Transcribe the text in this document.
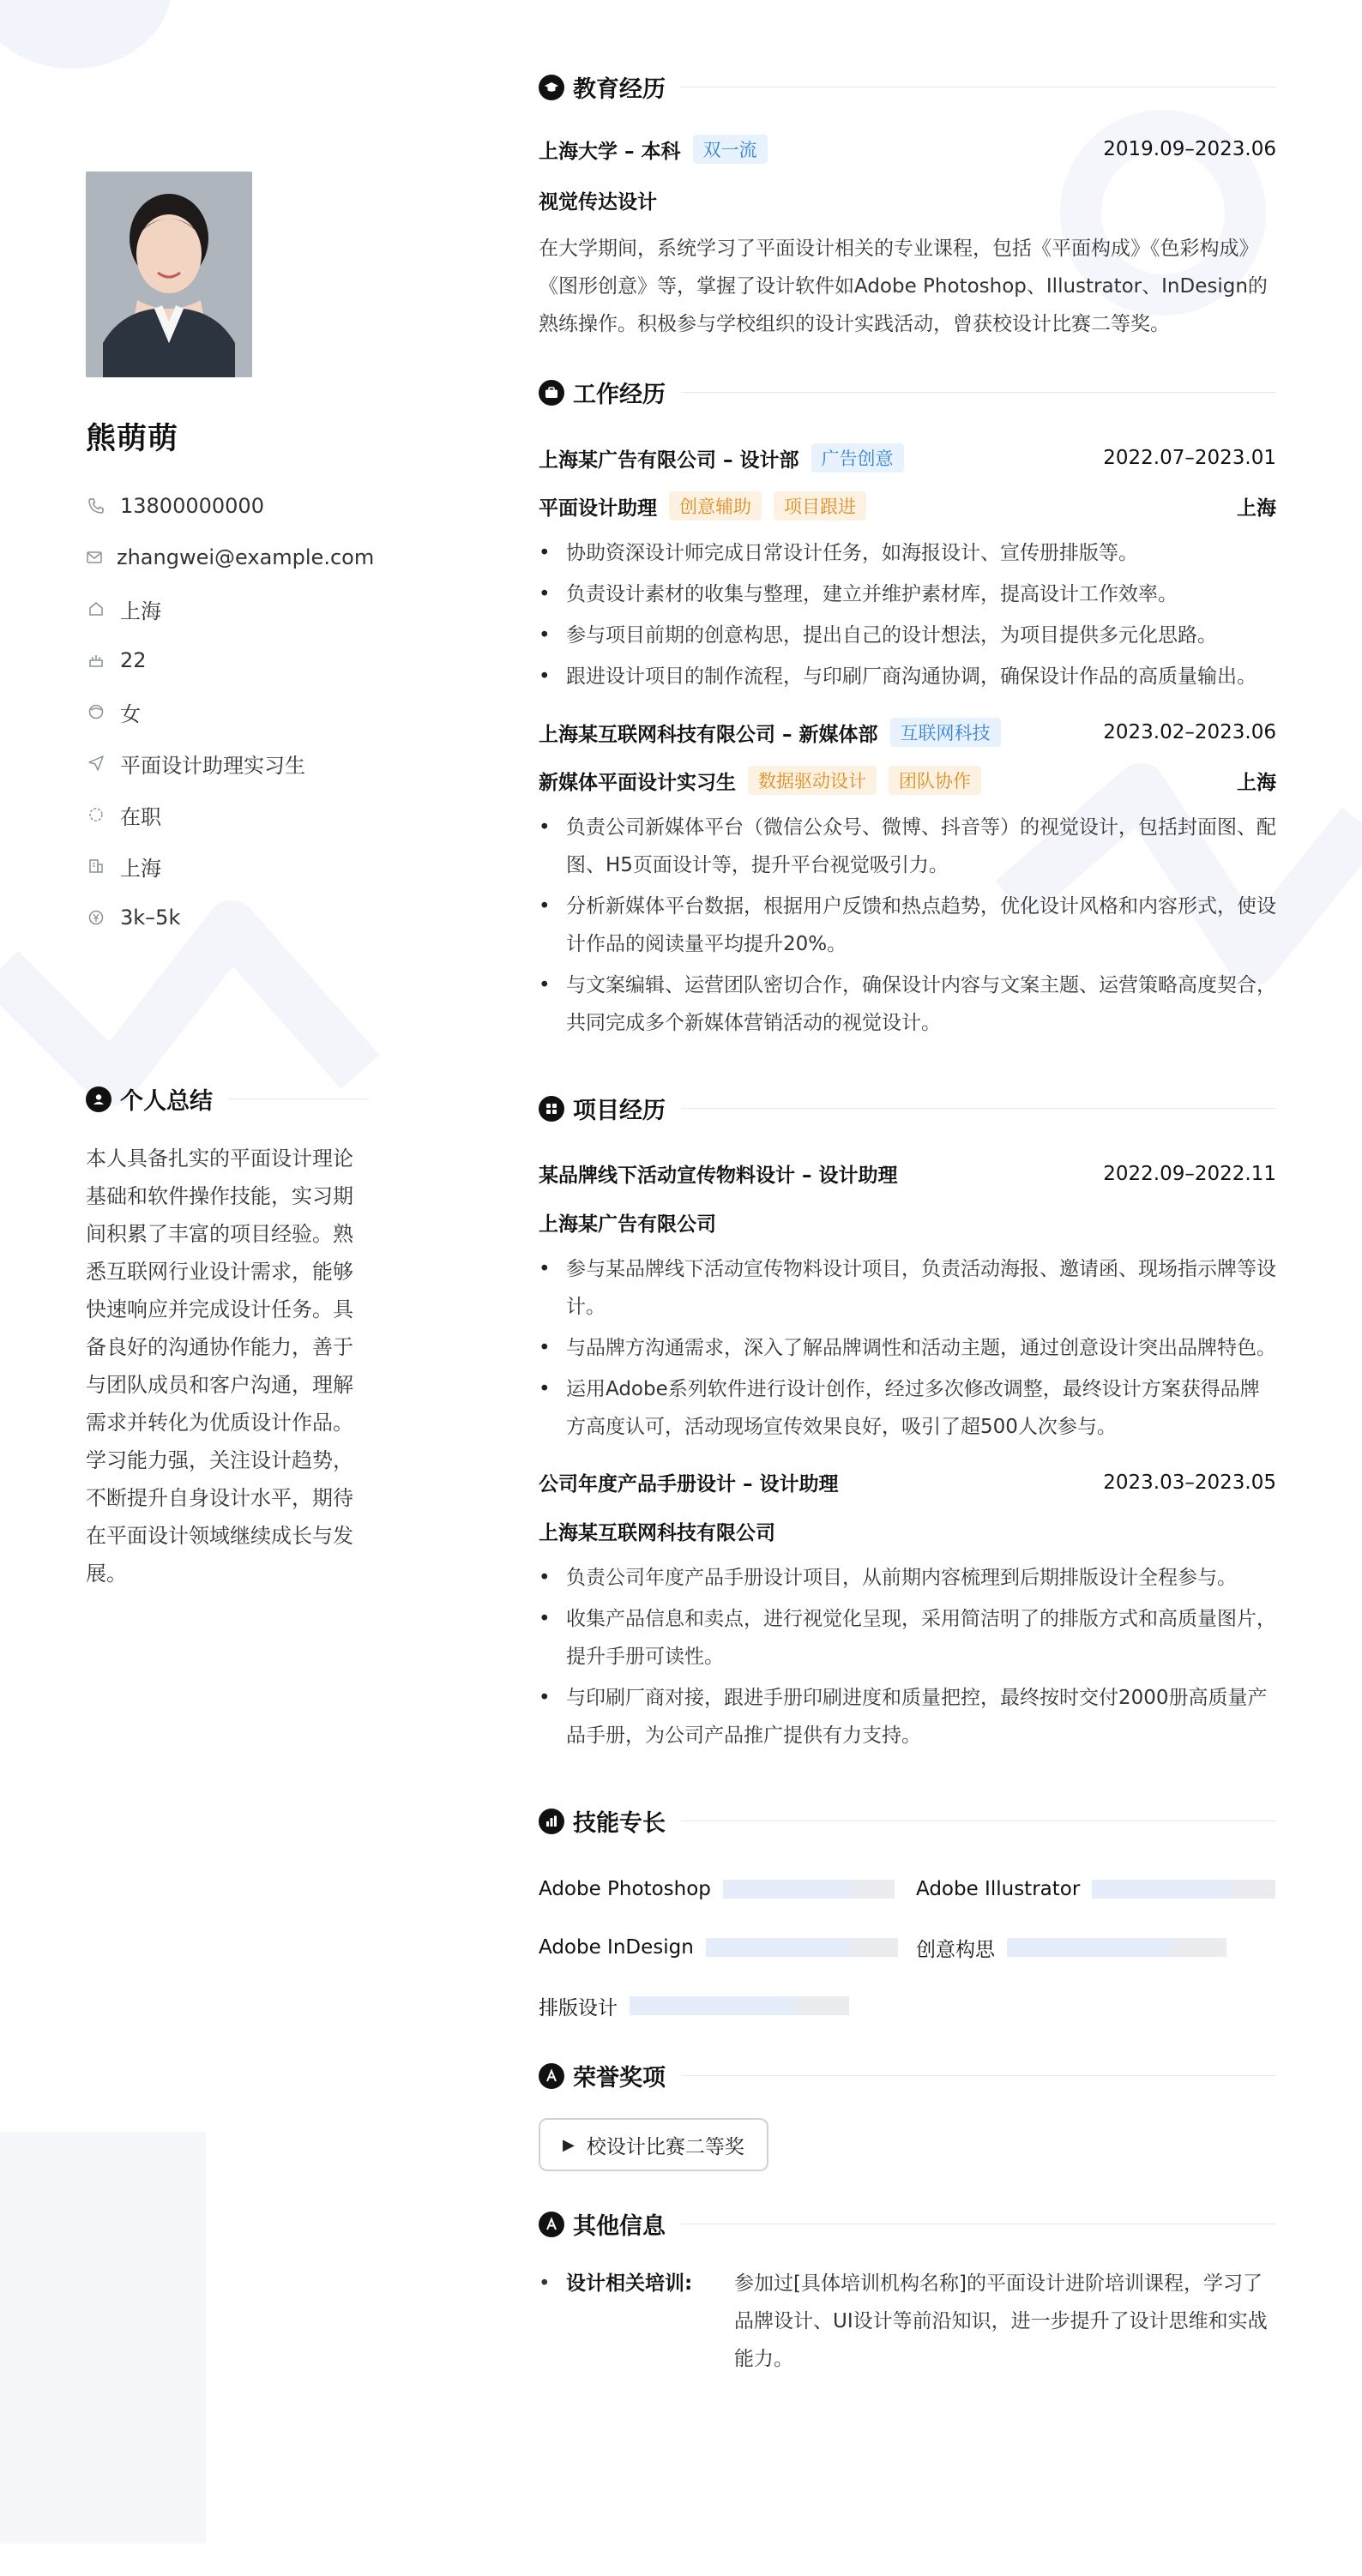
熊萌萌
13800000000
zhangwei@example.com
上海
22
女
平面设计助理实习生
在职
上海
3k–5k
个人总结
本人具备扎实的平面设计理论基础和软件操作技能，实习期间积累了丰富的项目经验。熟悉互联网行业设计需求，能够快速响应并完成设计任务。具备良好的沟通协作能力，善于与团队成员和客户沟通，理解需求并转化为优质设计作品。学习能力强，关注设计趋势，不断提升自身设计水平，期待在平面设计领域继续成长与发展。
教育经历
上海大学 – 本科	双一流	2019.09–2023.06
视觉传达设计
在大学期间，系统学习了平面设计相关的专业课程，包括《平面构成》《色彩构成》《图形创意》等，掌握了设计软件如Adobe Photoshop、Illustrator、InDesign的熟练操作。积极参与学校组织的设计实践活动，曾获校设计比赛二等奖。
工作经历
上海某广告有限公司 – 设计部	广告创意	2022.07–2023.01
平面设计助理	创意辅助	项目跟进	上海
• 协助资深设计师完成日常设计任务，如海报设计、宣传册排版等。
• 负责设计素材的收集与整理，建立并维护素材库，提高设计工作效率。
• 参与项目前期的创意构思，提出自己的设计想法，为项目提供多元化思路。
• 跟进设计项目的制作流程，与印刷厂商沟通协调，确保设计作品的高质量输出。
上海某互联网科技有限公司 – 新媒体部	互联网科技	2023.02–2023.06
新媒体平面设计实习生	数据驱动设计	团队协作	上海
• 负责公司新媒体平台（微信公众号、微博、抖音等）的视觉设计，包括封面图、配图、H5页面设计等，提升平台视觉吸引力。
• 分析新媒体平台数据，根据用户反馈和热点趋势，优化设计风格和内容形式，使设计作品的阅读量平均提升20%。
• 与文案编辑、运营团队密切合作，确保设计内容与文案主题、运营策略高度契合，共同完成多个新媒体营销活动的视觉设计。
项目经历
某品牌线下活动宣传物料设计 – 设计助理	2022.09–2022.11
上海某广告有限公司
• 参与某品牌线下活动宣传物料设计项目，负责活动海报、邀请函、现场指示牌等设计。
• 与品牌方沟通需求，深入了解品牌调性和活动主题，通过创意设计突出品牌特色。
• 运用Adobe系列软件进行设计创作，经过多次修改调整，最终设计方案获得品牌方高度认可，活动现场宣传效果良好，吸引了超500人次参与。
公司年度产品手册设计 – 设计助理	2023.03–2023.05
上海某互联网科技有限公司
• 负责公司年度产品手册设计项目，从前期内容梳理到后期排版设计全程参与。
• 收集产品信息和卖点，进行视觉化呈现，采用简洁明了的排版方式和高质量图片，提升手册可读性。
• 与印刷厂商对接，跟进手册印刷进度和质量把控，最终按时交付2000册高质量产品手册，为公司产品推广提供有力支持。
技能专长
Adobe Photoshop	Adobe Illustrator
Adobe InDesign	创意构思
排版设计
荣誉奖项
▶ 校设计比赛二等奖
其他信息
• 设计相关培训:	参加过[具体培训机构名称]的平面设计进阶培训课程，学习了品牌设计、UI设计等前沿知识，进一步提升了设计思维和实战能力。
